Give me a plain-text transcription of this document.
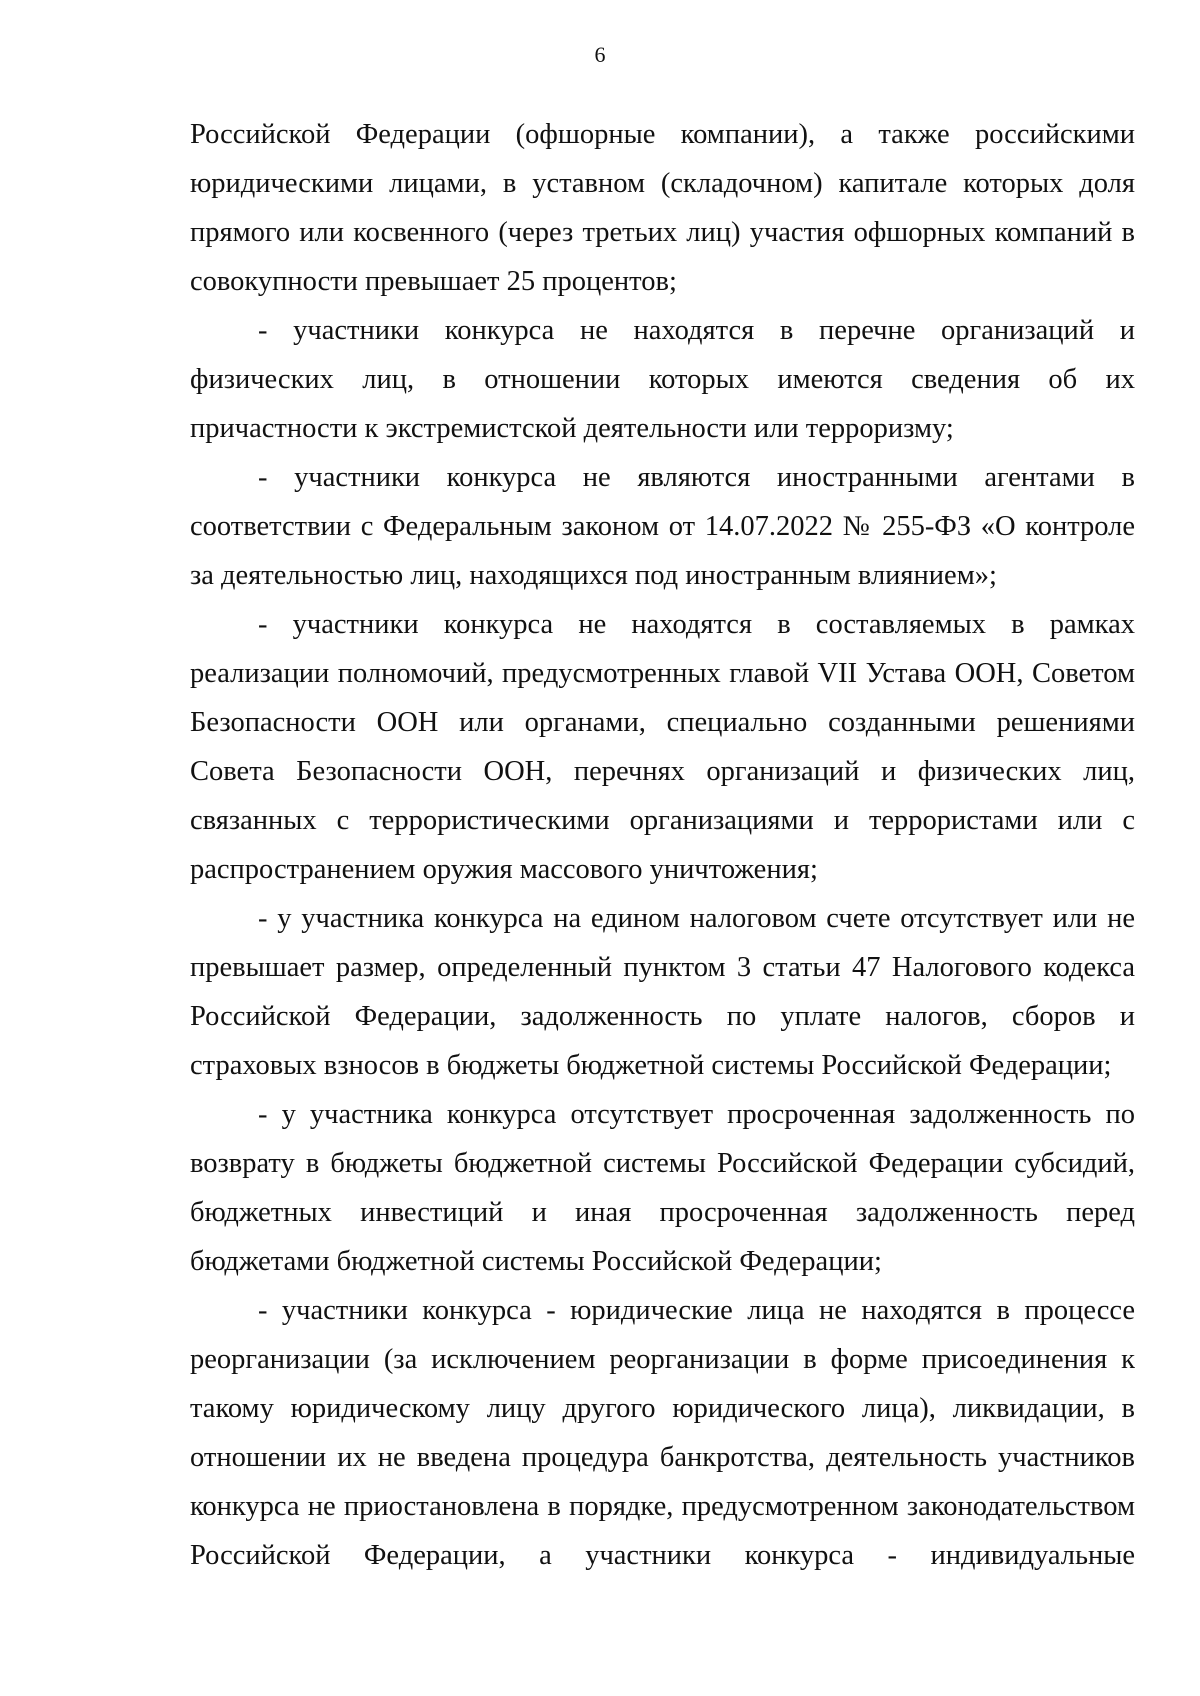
6

Российской Федерации (офшорные компании), а также российскими юридическими лицами, в уставном (складочном) капитале которых доля прямого или косвенного (через третьих лиц) участия офшорных компаний в совокупности превышает 25 процентов;

- участники конкурса не находятся в перечне организаций и физических лиц, в отношении которых имеются сведения об их причастности к экстремистской деятельности или терроризму;

- участники конкурса не являются иностранными агентами в соответствии с Федеральным законом от 14.07.2022 № 255-ФЗ «О контроле за деятельностью лиц, находящихся под иностранным влиянием»;

- участники конкурса не находятся в составляемых в рамках реализации полномочий, предусмотренных главой VII Устава ООН, Советом Безопасности ООН или органами, специально созданными решениями Совета Безопасности ООН, перечнях организаций и физических лиц, связанных с террористическими организациями и террористами или с распространением оружия массового уничтожения;

- у участника конкурса на едином налоговом счете отсутствует или не превышает размер, определенный пунктом 3 статьи 47 Налогового кодекса Российской Федерации, задолженность по уплате налогов, сборов и страховых взносов в бюджеты бюджетной системы Российской Федерации;

- у участника конкурса отсутствует просроченная задолженность по возврату в бюджеты бюджетной системы Российской Федерации субсидий, бюджетных инвестиций и иная просроченная задолженность перед бюджетами бюджетной системы Российской Федерации;

- участники конкурса - юридические лица не находятся в процессе реорганизации (за исключением реорганизации в форме присоединения к такому юридическому лицу другого юридического лица), ликвидации, в отношении их не введена процедура банкротства, деятельность участников конкурса не приостановлена в порядке, предусмотренном законодательством Российской Федерации, а участники конкурса - индивидуальные
